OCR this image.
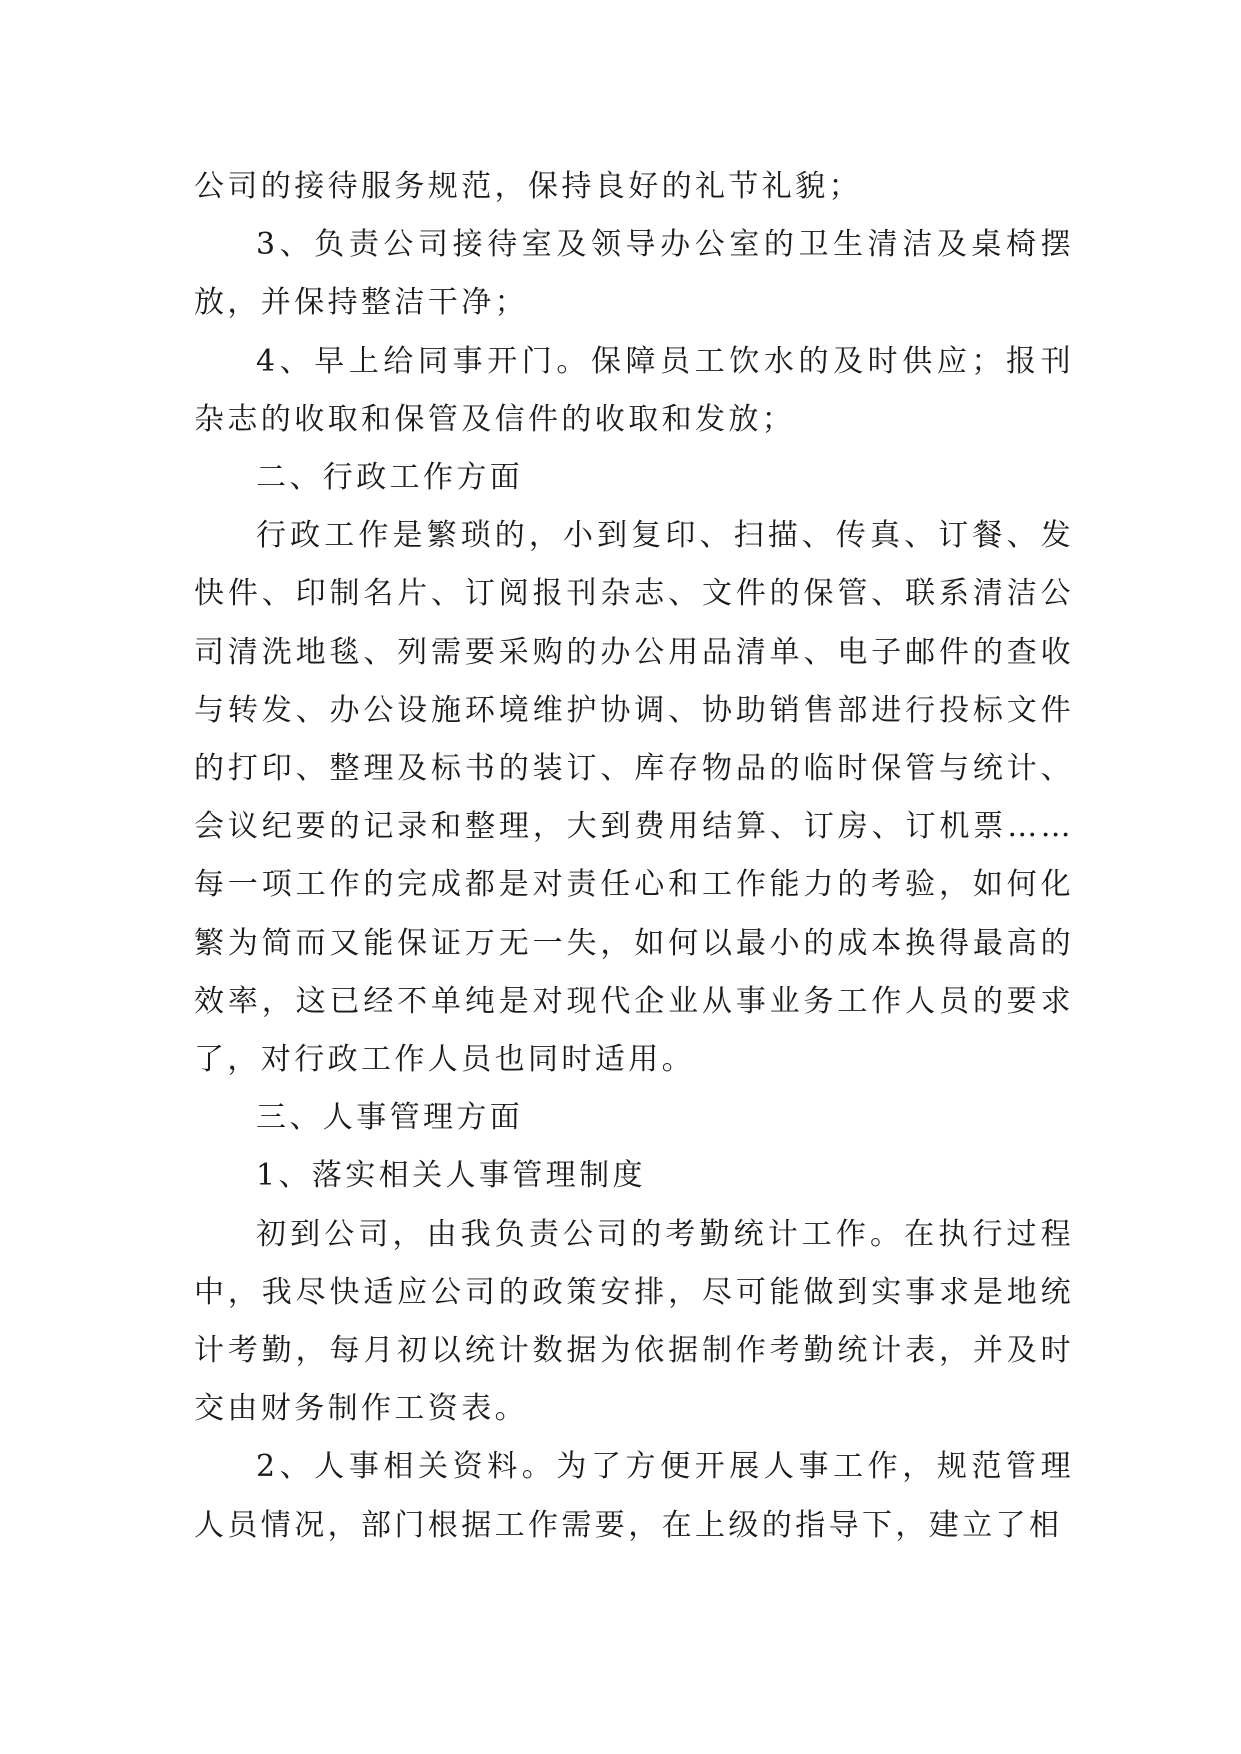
公司的接待服务规范，保持良好的礼节礼貌；

3、负责公司接待室及领导办公室的卫生清洁及桌椅摆放，并保持整洁干净；

4、早上给同事开门。保障员工饮水的及时供应；报刊杂志的收取和保管及信件的收取和发放；

二、行政工作方面

行政工作是繁琐的，小到复印、扫描、传真、订餐、发快件、印制名片、订阅报刊杂志、文件的保管、联系清洁公司清洗地毯、列需要采购的办公用品清单、电子邮件的查收与转发、办公设施环境维护协调、协助销售部进行投标文件的打印、整理及标书的装订、库存物品的临时保管与统计、会议纪要的记录和整理，大到费用结算、订房、订机票……每一项工作的完成都是对责任心和工作能力的考验，如何化繁为简而又能保证万无一失，如何以最小的成本换得最高的效率，这已经不单纯是对现代企业从事业务工作人员的要求了，对行政工作人员也同时适用。

三、人事管理方面

1、落实相关人事管理制度

初到公司，由我负责公司的考勤统计工作。在执行过程中，我尽快适应公司的政策安排，尽可能做到实事求是地统计考勤，每月初以统计数据为依据制作考勤统计表，并及时交由财务制作工资表。

2、人事相关资料。为了方便开展人事工作，规范管理人员情况，部门根据工作需要，在上级的指导下，建立了相
